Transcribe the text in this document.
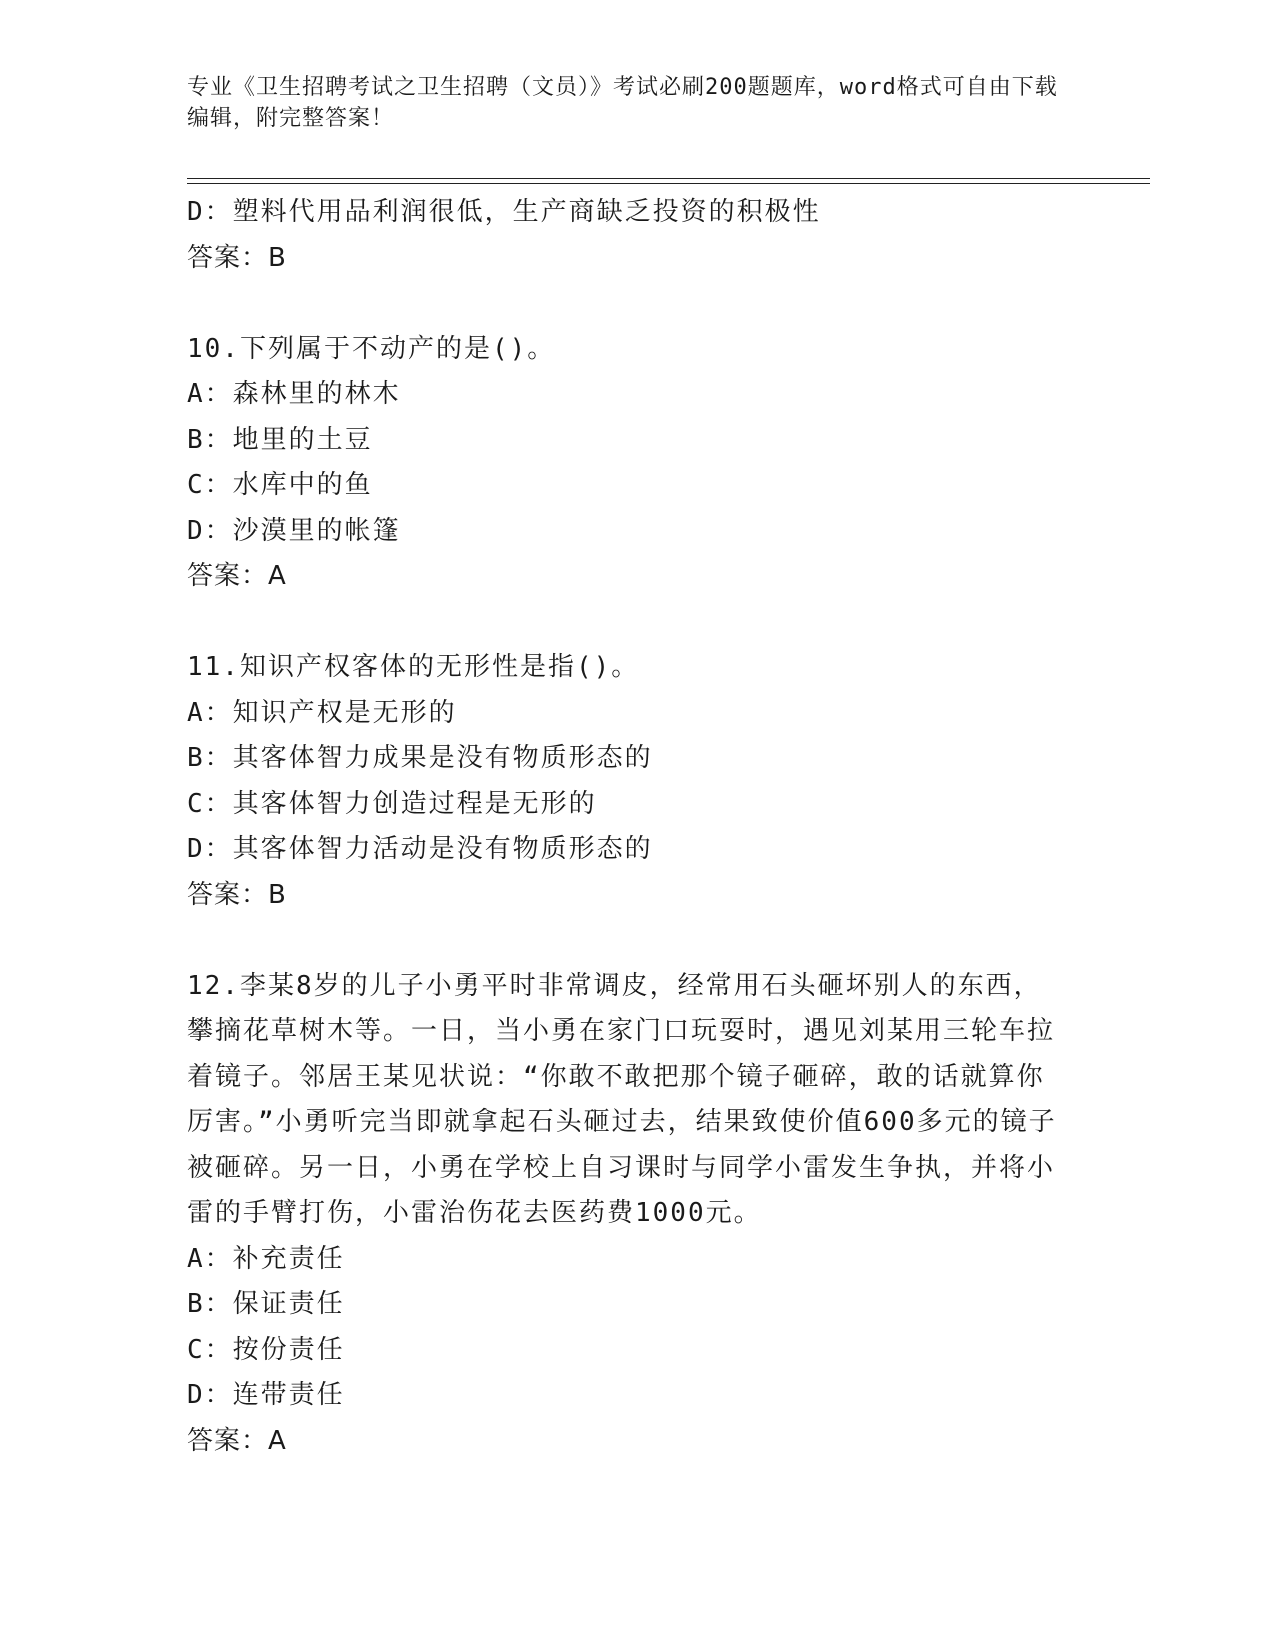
专业《卫生招聘考试之卫生招聘（文员）》考试必刷200题题库，word格式可自由下载编辑，附完整答案！
D：塑料代用品利润很低，生产商缺乏投资的积极性
答案：B
10.下列属于不动产的是()。
A：森林里的林木
B：地里的土豆
C：水库中的鱼
D：沙漠里的帐篷
答案：A
11.知识产权客体的无形性是指()。
A：知识产权是无形的
B：其客体智力成果是没有物质形态的
C：其客体智力创造过程是无形的
D：其客体智力活动是没有物质形态的
答案：B
12.李某8岁的儿子小勇平时非常调皮，经常用石头砸坏别人的东西，攀摘花草树木等。一日，当小勇在家门口玩耍时，遇见刘某用三轮车拉着镜子。邻居王某见状说：“你敢不敢把那个镜子砸碎，敢的话就算你厉害。”小勇听完当即就拿起石头砸过去，结果致使价值600多元的镜子被砸碎。另一日，小勇在学校上自习课时与同学小雷发生争执，并将小雷的手臂打伤，小雷治伤花去医药费1000元。
A：补充责任
B：保证责任
C：按份责任
D：连带责任
答案：A
